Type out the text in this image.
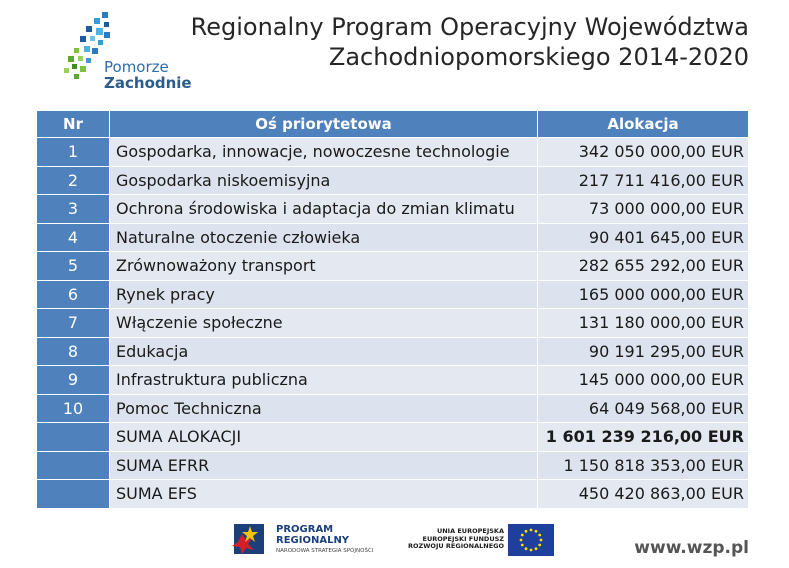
Pomorze
Zachodnie
Regionalny Program Operacyjny Województwa
Zachodniopomorskiego 2014-2020
Nr	Oś priorytetowa	Alokacja
1	Gospodarka, innowacje, nowoczesne technologie	342 050 000,00 EUR
2	Gospodarka niskoemisyjna	217 711 416,00 EUR
3	Ochrona środowiska i adaptacja do zmian klimatu	73 000 000,00 EUR
4	Naturalne otoczenie człowieka	90 401 645,00 EUR
5	Zrównoważony transport	282 655 292,00 EUR
6	Rynek pracy	165 000 000,00 EUR
7	Włączenie społeczne	131 180 000,00 EUR
8	Edukacja	90 191 295,00 EUR
9	Infrastruktura publiczna	145 000 000,00 EUR
10	Pomoc Techniczna	64 049 568,00 EUR
	SUMA ALOKACJI	1 601 239 216,00 EUR
	SUMA EFRR	1 150 818 353,00 EUR
	SUMA EFS	450 420 863,00 EUR
PROGRAM
REGIONALNY
NARODOWA STRATEGIA SPÓJNOŚCI
UNIA EUROPEJSKA
EUROPEJSKI FUNDUSZ
ROZWOJU REGIONALNEGO	www.wzp.pl
